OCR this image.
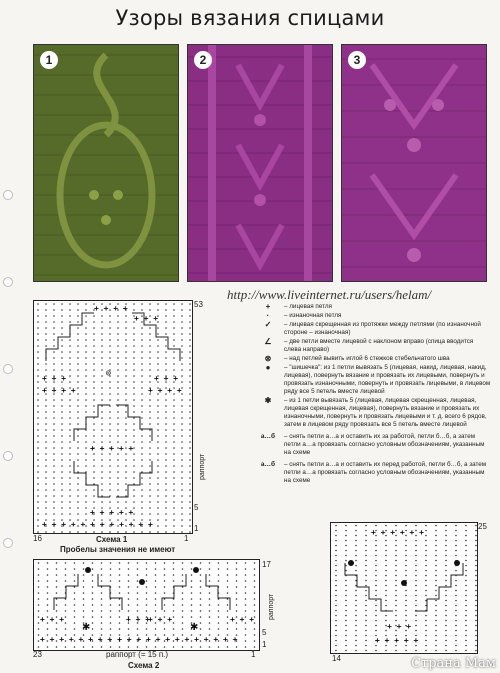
Узоры вязания спицами
1	2	3
http://www.liveinternet.ru/users/helam/
+ + + +
+ + +
+ + +	+ + +
+ + + +	+ + + +
+ + + + +
+ + + + +
+ + + + + + + + + + + +
◎
53
5
1
раппорт
16	1
Схема 1
Пробелы значения не имеют
+	– лицевая петля
·	– изнаночная петля
✓	– лицевая скрещенная из протяжки между петлями (по изнаночной стороне – изнаночная)
∠	– две петли вместе лицевой с наклоном вправо (спица вводится слева направо)
⊗	– над петлей вывить иглой 6 стежков стебельчатого шва
●	– "шишечка": из 1 петли вывязать 5 (лицевая, накид, лицевая, накид, лицевая), повернуть вязание и провязать их лицевыми, повернуть и провязать изнаночными, повернуть и провязать лицевыми, в лицевом ряду все 5 петель вместе лицевой
✱	– из 1 петли вывязать 5 (лицевая, лицевая скрещенная, лицевая, лицевая скрещенная, лицевая), повернуть вязание и провязать их изнаночными, повернуть и провязать лицевыми и т. д. всего 6 рядов, затем в лицевом ряду провязать все 5 петель вместе лицевой
а…б	– снять петли а…а и оставить их за работой, петли б…б, а затем петли а…а провязать согласно условным обозначениям, указанным на схеме
а…б	– снять петли а…а и оставить их перед работой, петли б…б, а затем петли а…а провязать согласно условным обозначениям, указанным на схеме
+ + +	+ + +
+ + +	+ + +
+ + + + + + + + + + + + + + + + + + + + +
✱	✱
17
5
1
раппорт
23	1
раппорт (= 15 п.)
Схема 2
+ + + + + +
+ + +
+ + + + +
25
14	Страна Мам
